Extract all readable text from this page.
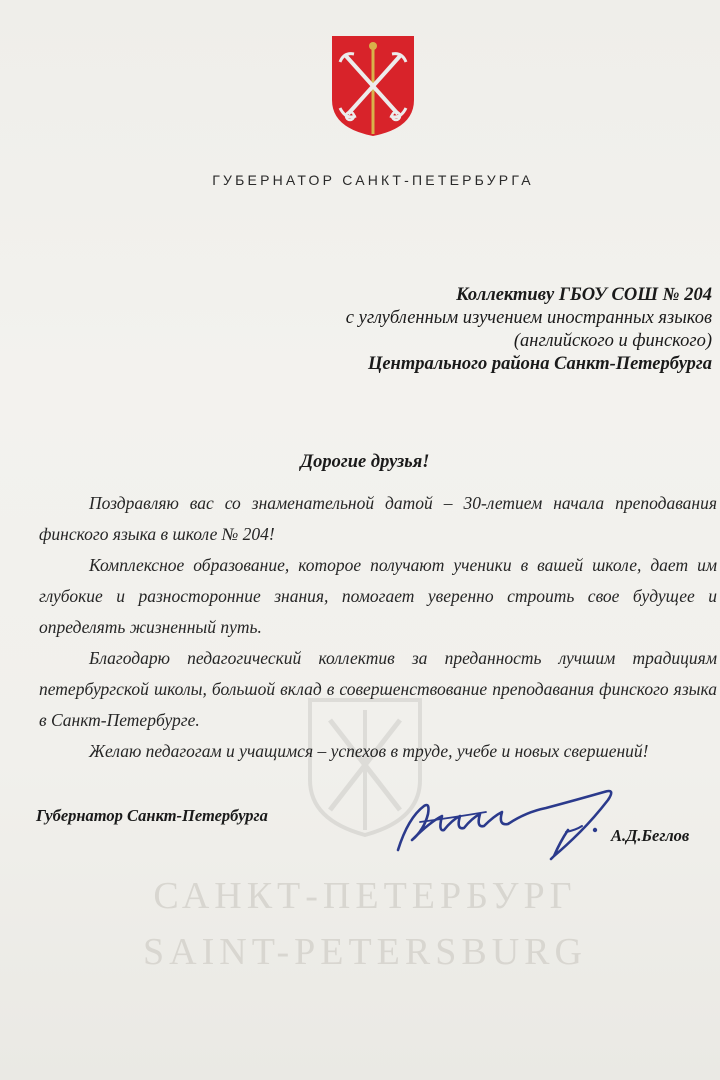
ГУБЕРНАТОР САНКТ-ПЕТЕРБУРГА
Коллективу ГБОУ СОШ № 204
с углубленным изучением иностранных языков
(английского и финского)
Центрального района Санкт-Петербурга
Дорогие друзья!

Поздравляю вас со знаменательной датой – 30-летием начала преподавания финского языка в школе № 204!

Комплексное образование, которое получают ученики в вашей школе, дает им глубокие и разносторонние знания, помогает уверенно строить свое будущее и определять жизненный путь.

Благодарю педагогический коллектив за преданность лучшим традициям петербургской школы, большой вклад в совершенствование преподавания финского языка в Санкт-Петербурге.

Желаю педагогам и учащимся – успехов в труде, учебе и новых свершений!

САНКТ-ПЕТЕРБУРГ
SAINT-PETERSBURG
Губернатор Санкт-Петербурга
А.Д.Беглов
